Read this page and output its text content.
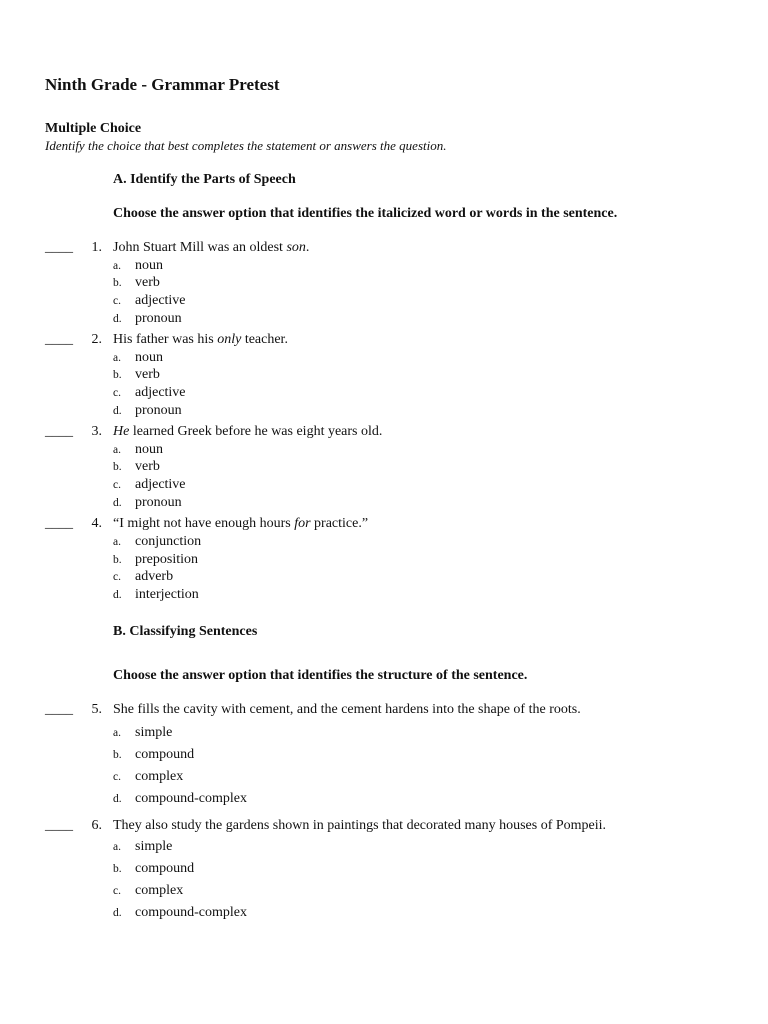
Ninth Grade - Grammar Pretest
Multiple Choice
Identify the choice that best completes the statement or answers the question.
A. Identify the Parts of Speech
Choose the answer option that identifies the italicized word or words in the sentence.
____	1. John Stuart Mill was an oldest son.
a. noun
b. verb
c. adjective
d. pronoun
____	2. His father was his only teacher.
a. noun
b. verb
c. adjective
d. pronoun
____	3. He learned Greek before he was eight years old.
a. noun
b. verb
c. adjective
d. pronoun
____	4. “I might not have enough hours for practice.”
a. conjunction
b. preposition
c. adverb
d. interjection
B. Classifying Sentences
Choose the answer option that identifies the structure of the sentence.
____	5. She fills the cavity with cement, and the cement hardens into the shape of the roots.
a. simple
b. compound
c. complex
d. compound-complex
____	6. They also study the gardens shown in paintings that decorated many houses of Pompeii.
a. simple
b. compound
c. complex
d. compound-complex
